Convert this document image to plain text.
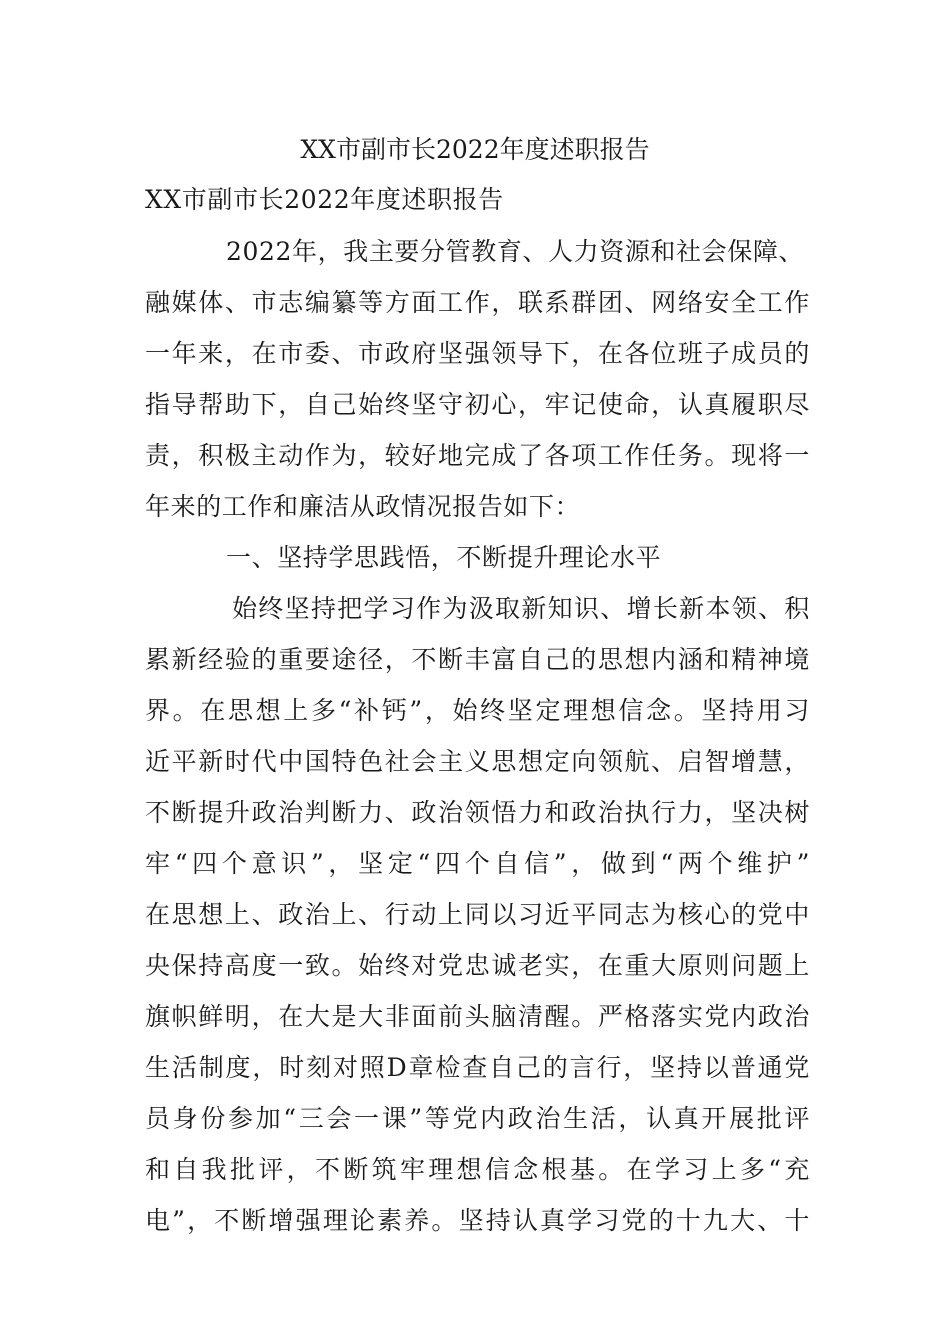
XX市副市长2022年度述职报告
XX市副市长2022年度述职报告
2022年，我主要分管教育、人力资源和社会保障、
融媒体、市志编纂等方面工作，联系群团、网络安全工作
一年来，在市委、市政府坚强领导下，在各位班子成员的
指导帮助下，自己始终坚守初心，牢记使命，认真履职尽
责，积极主动作为，较好地完成了各项工作任务。现将一
年来的工作和廉洁从政情况报告如下：
一、坚持学思践悟，不断提升理论水平
始终坚持把学习作为汲取新知识、增长新本领、积
累新经验的重要途径，不断丰富自己的思想内涵和精神境
界。在思想上多“补钙”，始终坚定理想信念。坚持用习
近平新时代中国特色社会主义思想定向领航、启智增慧，
不断提升政治判断力、政治领悟力和政治执行力，坚决树
牢“四个意识”，坚定“四个自信”，做到“两个维护”
在思想上、政治上、行动上同以习近平同志为核心的党中
央保持高度一致。始终对党忠诚老实，在重大原则问题上
旗帜鲜明，在大是大非面前头脑清醒。严格落实党内政治
生活制度，时刻对照D章检查自己的言行，坚持以普通党
员身份参加“三会一课”等党内政治生活，认真开展批评
和自我批评，不断筑牢理想信念根基。在学习上多“充
电”，不断增强理论素养。坚持认真学习党的十九大、十
